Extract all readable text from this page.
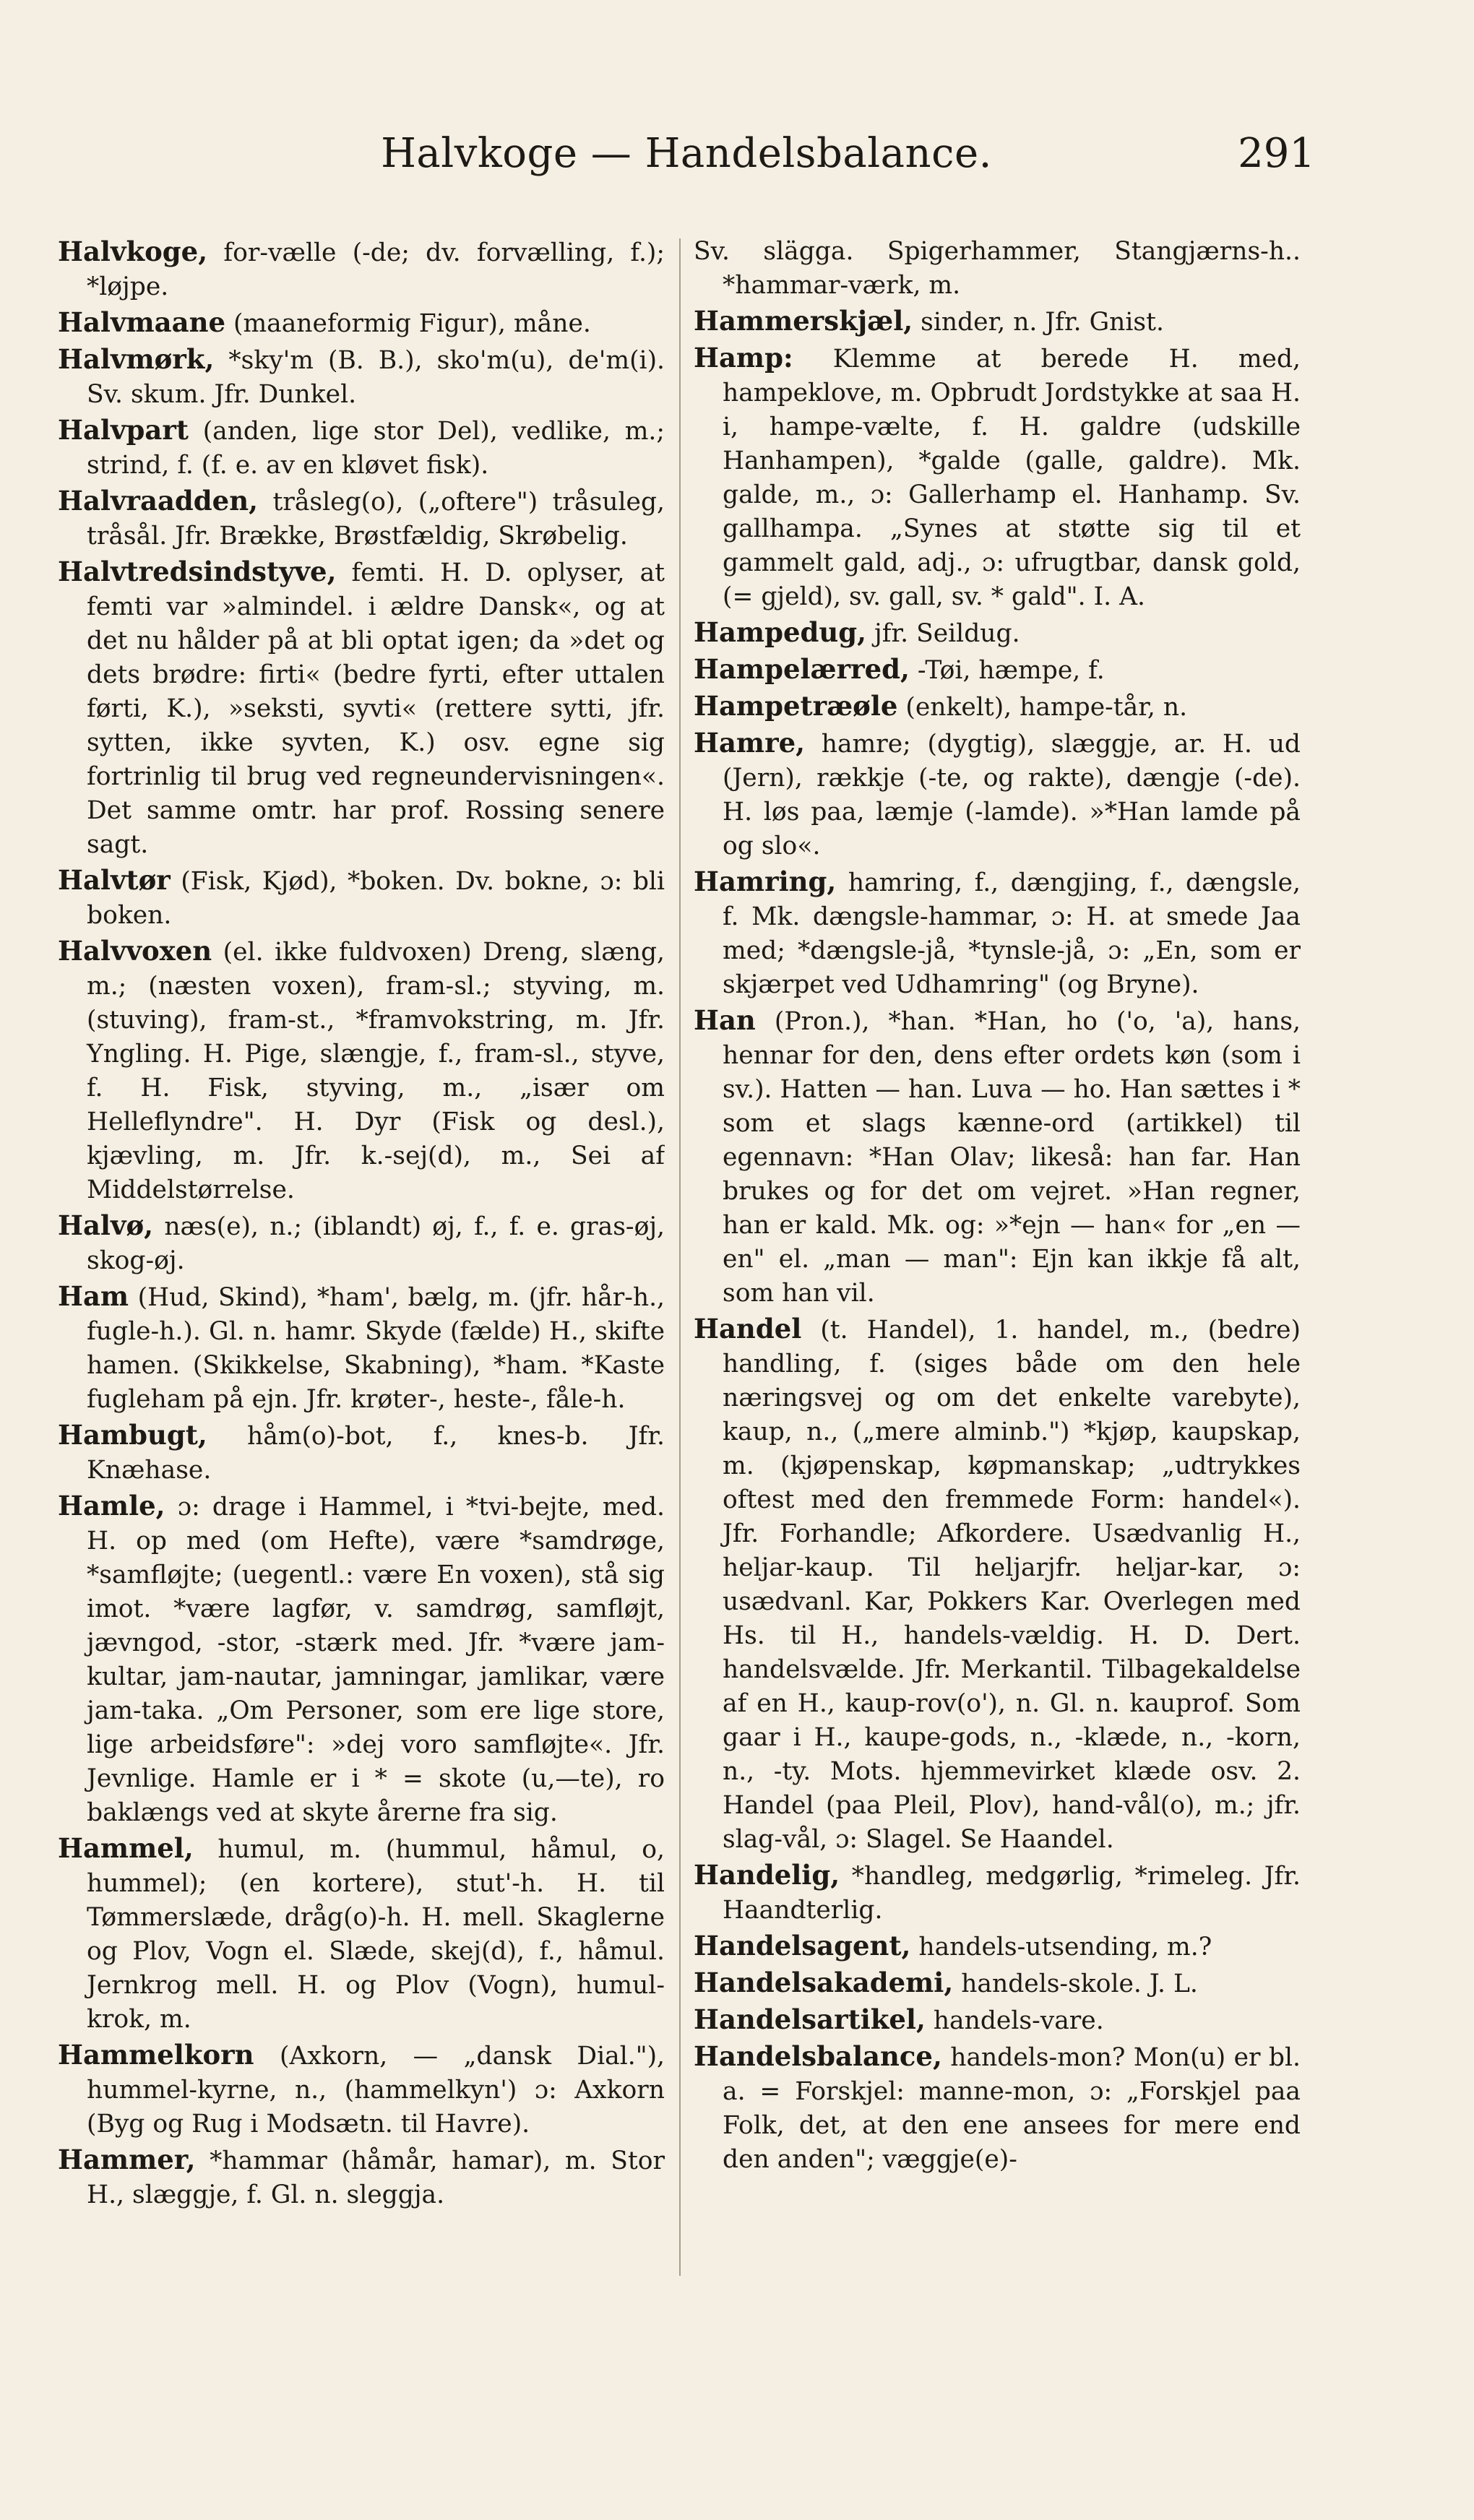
Halvkoge — Handelsbalance.	291

Halvkoge, for-vælle (-de; dv. forvælling, f.); *løjpe.

Halvmaane (maaneformig Figur), måne.

Halvmørk, *sky'm (B. B.), sko'm(u), de'm(i). Sv. skum. Jfr. Dunkel.

Halvpart (anden, lige stor Del), vedlike, m.; strind, f. (f. e. av en kløvet fisk).

Halvraadden, tråsleg(o), („oftere") tråsuleg, tråsål. Jfr. Brække, Brøstfældig, Skrøbelig.

Halvtredsindstyve, femti. H. D. oplyser, at femti var »almindel. i ældre Dansk«, og at det nu hålder på at bli optat igen; da »det og dets brødre: firti« (bedre fyrti, efter uttalen førti, K.), »seksti, syvti« (rettere sytti, jfr. sytten, ikke syvten, K.) osv. egne sig fortrinlig til brug ved regneundervisningen«. Det samme omtr. har prof. Rossing senere sagt.

Halvtør (Fisk, Kjød), *boken. Dv. bokne, ɔ: bli boken.

Halvvoxen (el. ikke fuldvoxen) Dreng, slæng, m.; (næsten voxen), fram-sl.; styving, m. (stuving), fram-st., *framvokstring, m. Jfr. Yngling. H. Pige, slængje, f., fram-sl., styve, f. H. Fisk, styving, m., „især om Helleflyndre". H. Dyr (Fisk og desl.), kjævling, m. Jfr. k.-sej(d), m., Sei af Middelstørrelse.

Halvø, næs(e), n.; (iblandt) øj, f., f. e. gras-øj, skog-øj.

Ham (Hud, Skind), *ham', bælg, m. (jfr. hår-h., fugle-h.). Gl. n. hamr. Skyde (fælde) H., skifte hamen. (Skikkelse, Skabning), *ham. *Kaste fugleham på ejn. Jfr. krøter-, heste-, fåle-h.

Hambugt, håm(o)-bot, f., knes-b. Jfr. Knæhase.

Hamle, ɔ: drage i Hammel, i *tvi-bejte, med. H. op med (om Hefte), være *samdrøge, *samfløjte; (uegentl.: være En voxen), stå sig imot. *være lagfør, v. samdrøg, samfløjt, jævngod, -stor, -stærk med. Jfr. *være jam-kultar, jam-nautar, jamningar, jamlikar, være jam-taka. „Om Personer, som ere lige store, lige arbeidsføre": »dej voro samfløjte«. Jfr. Jevnlige. Hamle er i * = skote (u,—te), ro baklængs ved at skyte årerne fra sig.

Hammel, humul, m. (hummul, håmul, o, hummel); (en kortere), stut'-h. H. til Tømmerslæde, dråg(o)-h. H. mell. Skaglerne og Plov, Vogn el. Slæde, skej(d), f., håmul. Jernkrog mell. H. og Plov (Vogn), humul-krok, m.

Hammelkorn (Axkorn, — „dansk Dial."), hummel-kyrne, n., (hammelkyn') ɔ: Axkorn (Byg og Rug i Modsætn. til Havre).

Hammer, *hammar (håmår, hamar), m. Stor H., slæggje, f. Gl. n. sleggja.

Sv. slägga. Spigerhammer, Stangjærns-h.. *hammar-værk, m.

Hammerskjæl, sinder, n. Jfr. Gnist.

Hamp: Klemme at berede H. med, hampeklove, m. Opbrudt Jordstykke at saa H. i, hampe-vælte, f. H. galdre (udskille Hanhampen), *galde (galle, galdre). Mk. galde, m., ɔ: Gallerhamp el. Hanhamp. Sv. gallhampa. „Synes at støtte sig til et gammelt gald, adj., ɔ: ufrugtbar, dansk gold, (= gjeld), sv. gall, sv. * gald". I. A.

Hampedug, jfr. Seildug.

Hampelærred, -Tøi, hæmpe, f.

Hampetræøle (enkelt), hampe-tår, n.

Hamre, hamre; (dygtig), slæggje, ar. H. ud (Jern), rækkje (-te, og rakte), dængje (-de). H. løs paa, læmje (-lamde). »*Han lamde på og slo«.

Hamring, hamring, f., dængjing, f., dængsle, f. Mk. dængsle-hammar, ɔ: H. at smede Jaa med; *dængsle-jå, *tynsle-jå, ɔ: „En, som er skjærpet ved Udhamring" (og Bryne).

Han (Pron.), *han. *Han, ho ('o, 'a), hans, hennar for den, dens efter ordets køn (som i sv.). Hatten — han. Luva — ho. Han sættes i * som et slags kænne-ord (artikkel) til egennavn: *Han Olav; likeså: han far. Han brukes og for det om vejret. »Han regner, han er kald. Mk. og: »*ejn — han« for „en — en" el. „man — man": Ejn kan ikkje få alt, som han vil.

Handel (t. Handel), 1. handel, m., (bedre) handling, f. (siges både om den hele næringsvej og om det enkelte varebyte), kaup, n., („mere alminb.") *kjøp, kaupskap, m. (kjøpenskap, køpmanskap; „udtrykkes oftest med den fremmede Form: handel«). Jfr. Forhandle; Afkordere. Usædvanlig H., heljar-kaup. Til heljarjfr. heljar-kar, ɔ: usædvanl. Kar, Pokkers Kar. Overlegen med Hs. til H., handels-vældig. H. D. Dert. handelsvælde. Jfr. Merkantil. Tilbagekaldelse af en H., kaup-rov(o'), n. Gl. n. kauprof. Som gaar i H., kaupe-gods, n., -klæde, n., -korn, n., -ty. Mots. hjemmevirket klæde osv. 2. Handel (paa Pleil, Plov), hand-vål(o), m.; jfr. slag-vål, ɔ: Slagel. Se Haandel.

Handelig, *handleg, medgørlig, *rimeleg. Jfr. Haandterlig.

Handelsagent, handels-utsending, m.?

Handelsakademi, handels-skole. J. L.

Handelsartikel, handels-vare.

Handelsbalance, handels-mon? Mon(u) er bl. a. = Forskjel: manne-mon, ɔ: „Forskjel paa Folk, det, at den ene ansees for mere end den anden"; væggje(e)-
